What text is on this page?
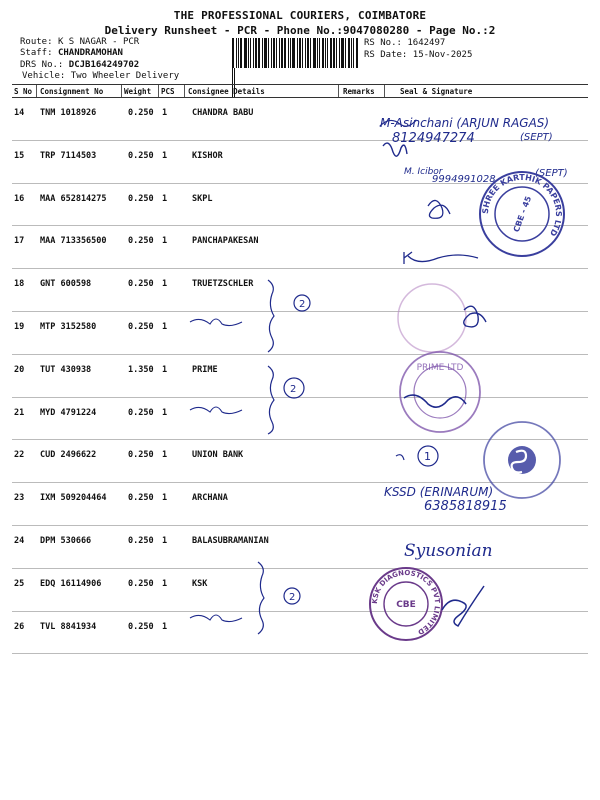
THE PROFESSIONAL COURIERS, COIMBATORE
Delivery Runsheet - PCR - Phone No.:9047080280 - Page No.:2
Route: K S NAGAR - PCR
Staff: CHANDRAMOHAN
DRS No.: DCJB164249702
Vehicle: Two Wheeler Delivery
RS No.: 1642497
RS Date: 15-Nov-2025
S No Consignment No	Weight PCS Consignee Details	Remarks	Seal & Signature
14 TNM 1018926	0.250 1	CHANDRA BABU
15 TRP 7114503	0.250 1	KISHOR
16 MAA 652814275	0.250 1	SKPL
17 MAA 713356500	0.250 1	PANCHAPAKESAN
18 GNT 600598	0.250 1	TRUETZSCHLER
19 MTP 3152580	0.250 1
20 TUT 430938	1.350 1	PRIME
21 MYD 4791224	0.250 1
22 CUD 2496622	0.250 1	UNION BANK
23 IXM 509204464	0.250 1	ARCHANA
24 DPM 530666	0.250 1	BALASUBRAMANIAN
25 EDQ 16114906	0.250 1	KSK
26 TVL 8841934	0.250 1
M-Asinchani (ARJUN RAGAS)
8124947274	(SEPT)
M. Icibor
9994991028
(SEPT)
SHREE KARTHIK PAPERS LTD
CBE - 45
2
2
PRIME LTD
1
KSSD (ERINARUM)
6385818915
Syusonian
2	KSK DIAGNOSTICS PVT LIMITED
CBE
